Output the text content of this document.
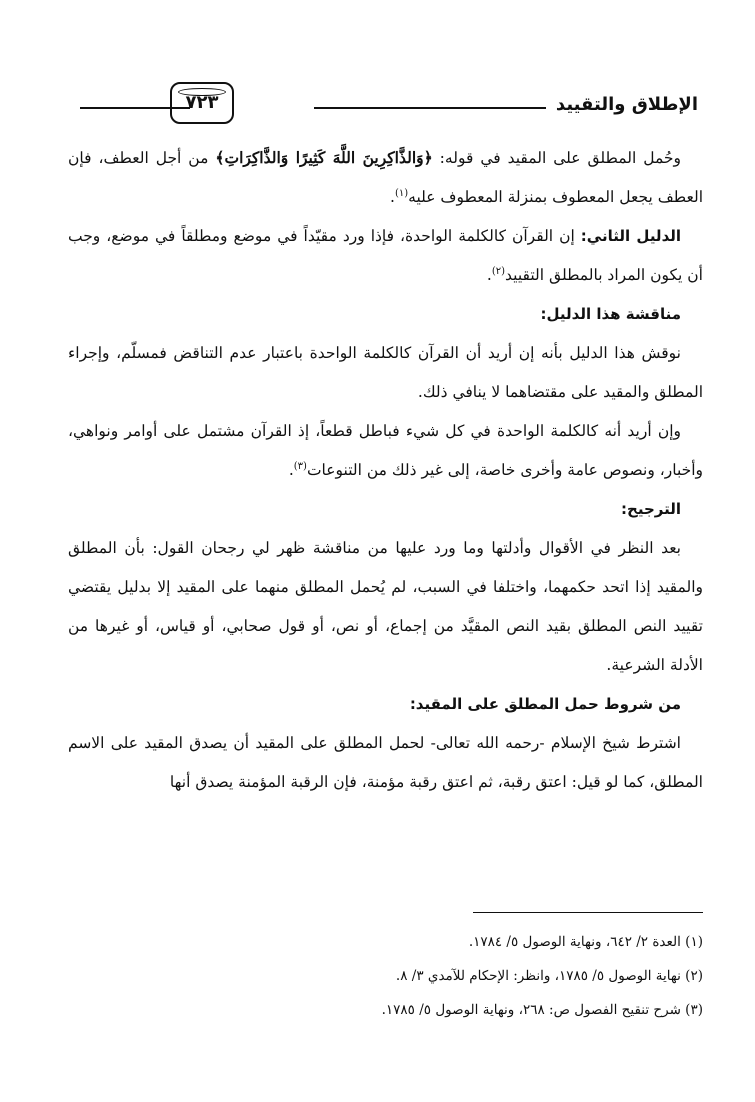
الإطلاق والتقييد
٧٢٣

وحُمل المطلق على المقيد في قوله: ﴿وَالذَّاكِرِينَ اللَّهَ كَثِيرًا وَالذَّاكِرَاتِ﴾ من أجل العطف، فإن العطف يجعل المعطوف بمنزلة المعطوف عليه$^{(١)}$.

الدليل الثاني: إن القرآن كالكلمة الواحدة، فإذا ورد مقيّداً في موضع ومطلقاً في موضع، وجب أن يكون المراد بالمطلق التقييد$^{(٢)}$.

مناقشة هذا الدليل:

نوقش هذا الدليل بأنه إن أريد أن القرآن كالكلمة الواحدة باعتبار عدم التناقض فمسلّم، وإجراء المطلق والمقيد على مقتضاهما لا ينافي ذلك.

وإن أريد أنه كالكلمة الواحدة في كل شيء فباطل قطعاً، إذ القرآن مشتمل على أوامر ونواهي، وأخبار، ونصوص عامة وأخرى خاصة، إلى غير ذلك من التنوعات$^{(٣)}$.

الترجيح:

بعد النظر في الأقوال وأدلتها وما ورد عليها من مناقشة ظهر لي رجحان القول: بأن المطلق والمقيد إذا اتحد حكمهما، واختلفا في السبب، لم يُحمل المطلق منهما على المقيد إلا بدليل يقتضي تقييد النص المطلق بقيد النص المقيَّد من إجماع، أو نص، أو قول صحابي، أو قياس، أو غيرها من الأدلة الشرعية.

من شروط حمل المطلق على المقيد:

اشترط شيخ الإسلام -رحمه الله تعالى- لحمل المطلق على المقيد أن يصدق المقيد على الاسم المطلق، كما لو قيل: اعتق رقبة، ثم اعتق رقبة مؤمنة، فإن الرقبة المؤمنة يصدق أنها

(١) العدة ٢/ ٦٤٢، ونهاية الوصول ٥/ ١٧٨٤.

(٢) نهاية الوصول ٥/ ١٧٨٥، وانظر: الإحكام للآمدي ٣/ ٨.

(٣) شرح تنقيح الفصول ص: ٢٦٨، ونهاية الوصول ٥/ ١٧٨٥.
